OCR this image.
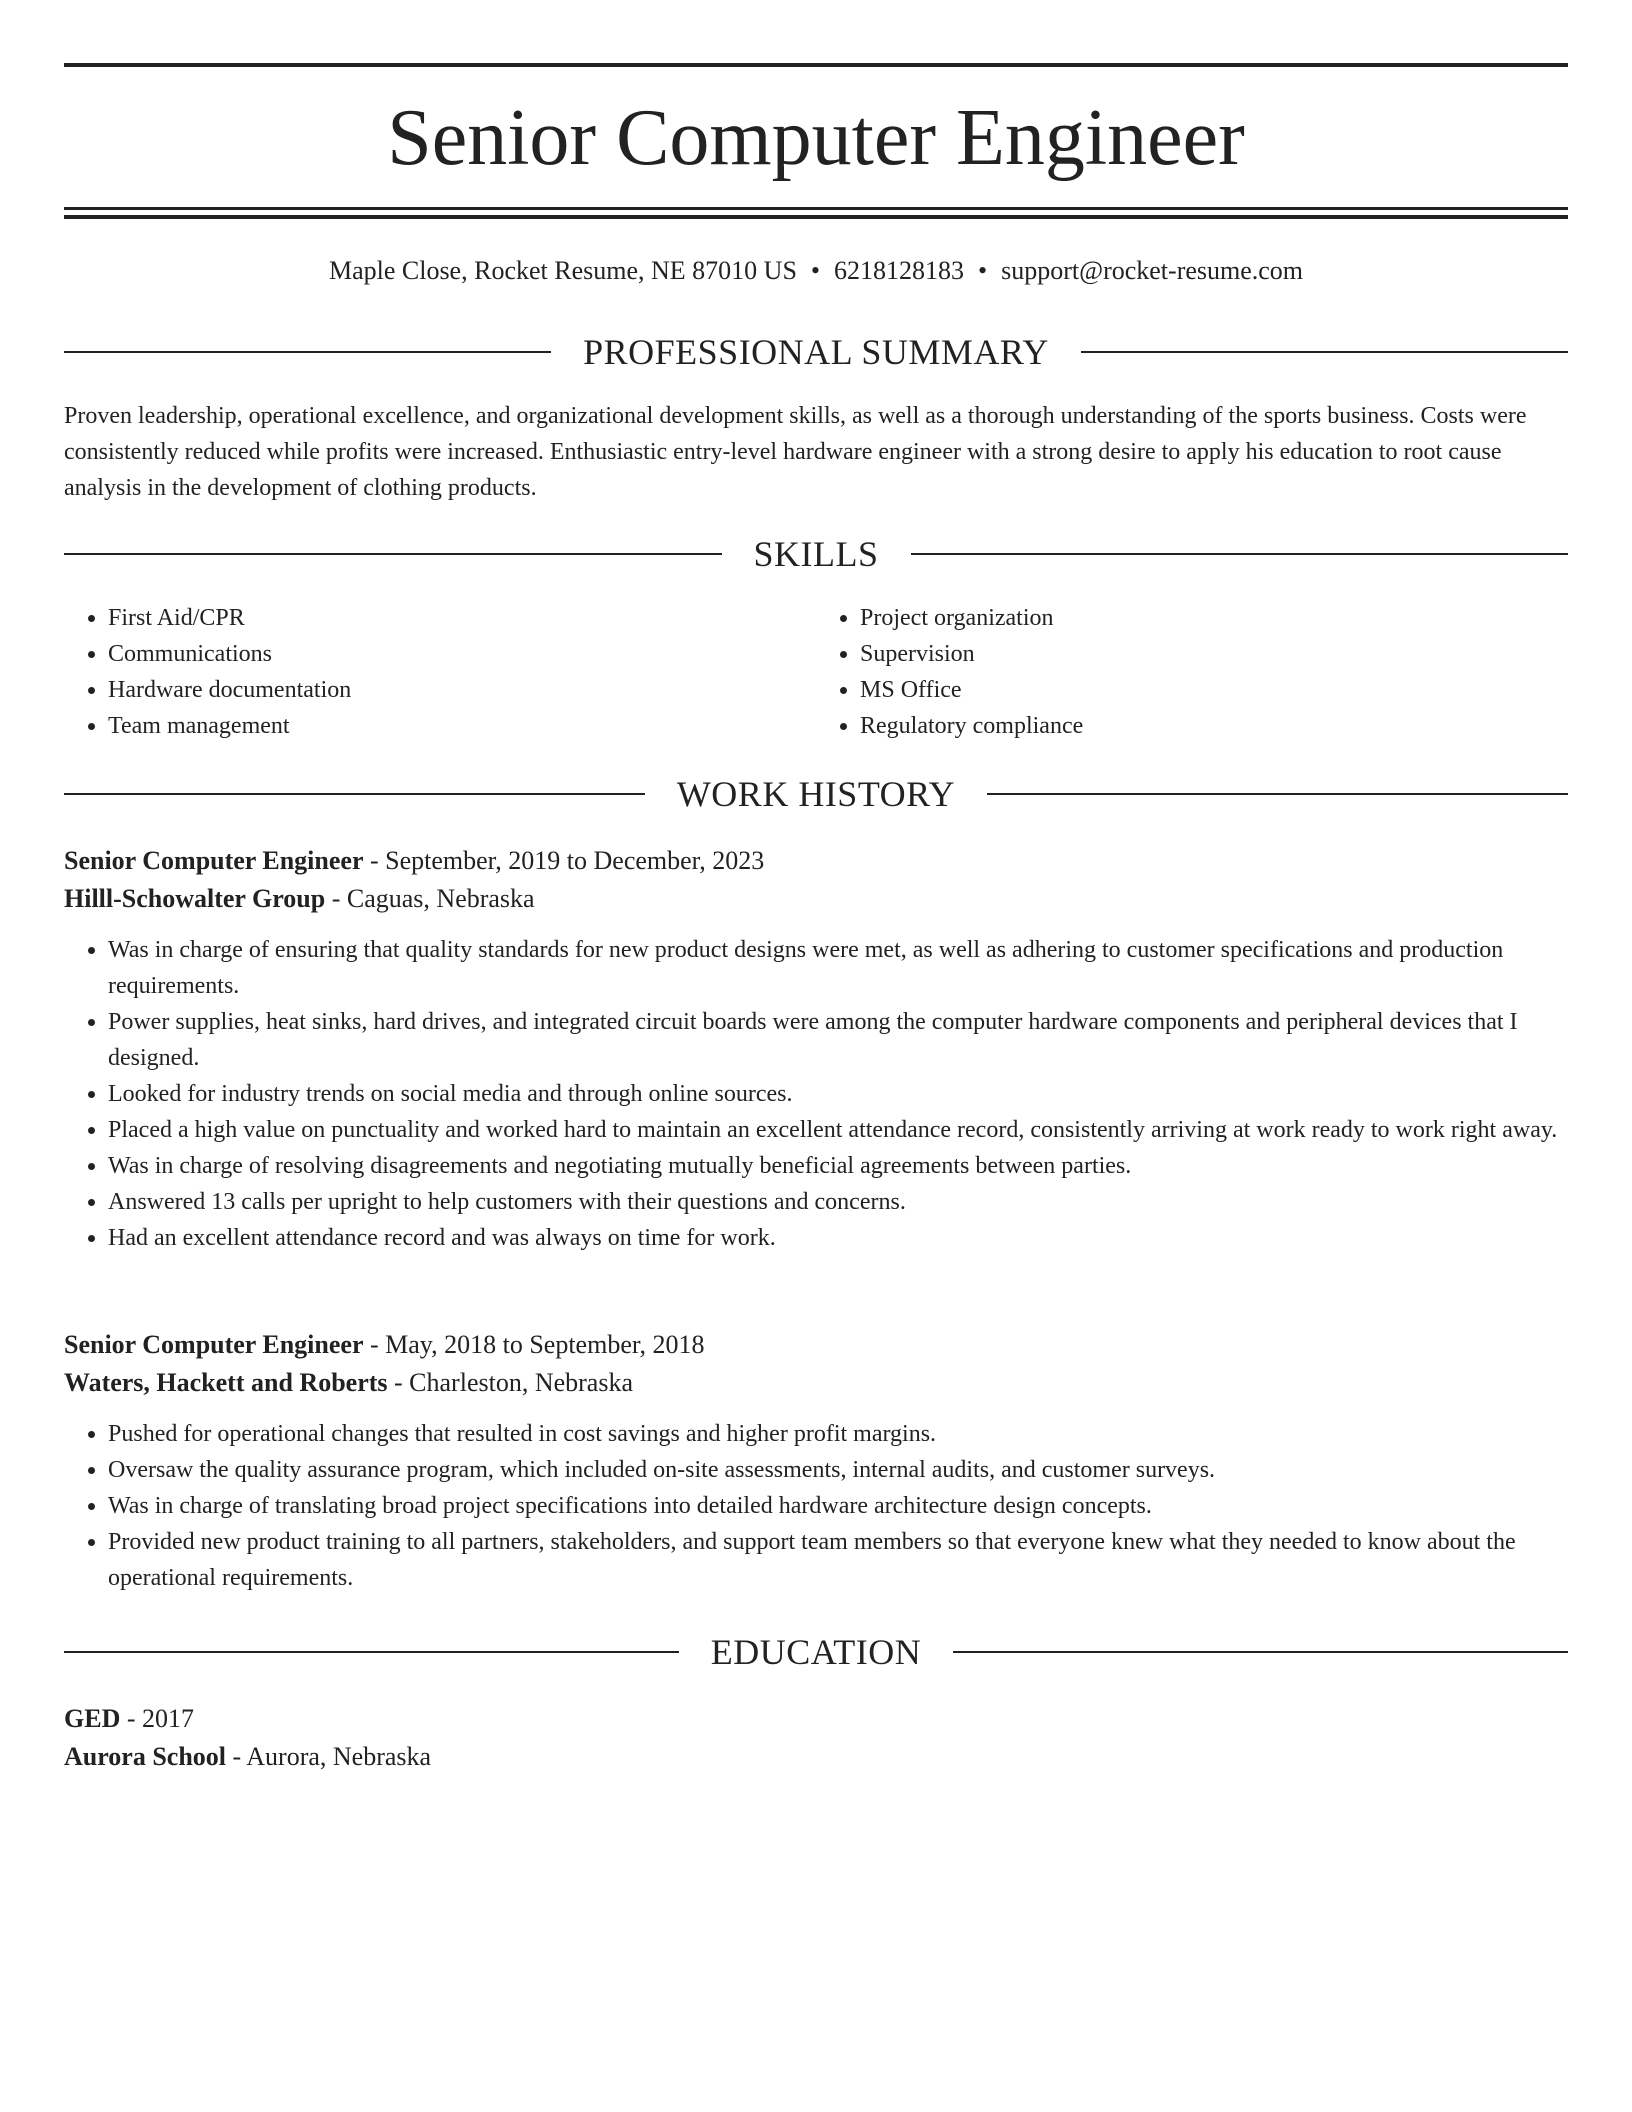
Senior Computer Engineer
Maple Close, Rocket Resume, NE 87010 US • 6218128183 • support@rocket-resume.com
PROFESSIONAL SUMMARY

Proven leadership, operational excellence, and organizational development skills, as well as a thorough understanding of the sports business. Costs were consistently reduced while profits were increased. Enthusiastic entry-level hardware engineer with a strong desire to apply his education to root cause analysis in the development of clothing products.

SKILLS
• First Aid/CPR
• Communications
• Hardware documentation
• Team management
• Project organization
• Supervision
• MS Office
• Regulatory compliance
WORK HISTORY
Senior Computer Engineer - September, 2019 to December, 2023
Hilll-Schowalter Group - Caguas, Nebraska
• Was in charge of ensuring that quality standards for new product designs were met, as well as adhering to customer specifications and production requirements.
• Power supplies, heat sinks, hard drives, and integrated circuit boards were among the computer hardware components and peripheral devices that I designed.
• Looked for industry trends on social media and through online sources.
• Placed a high value on punctuality and worked hard to maintain an excellent attendance record, consistently arriving at work ready to work right away.
• Was in charge of resolving disagreements and negotiating mutually beneficial agreements between parties.
• Answered 13 calls per upright to help customers with their questions and concerns.
• Had an excellent attendance record and was always on time for work.
Senior Computer Engineer - May, 2018 to September, 2018
Waters, Hackett and Roberts - Charleston, Nebraska
• Pushed for operational changes that resulted in cost savings and higher profit margins.
• Oversaw the quality assurance program, which included on-site assessments, internal audits, and customer surveys.
• Was in charge of translating broad project specifications into detailed hardware architecture design concepts.
• Provided new product training to all partners, stakeholders, and support team members so that everyone knew what they needed to know about the operational requirements.
EDUCATION
GED - 2017
Aurora School - Aurora, Nebraska
